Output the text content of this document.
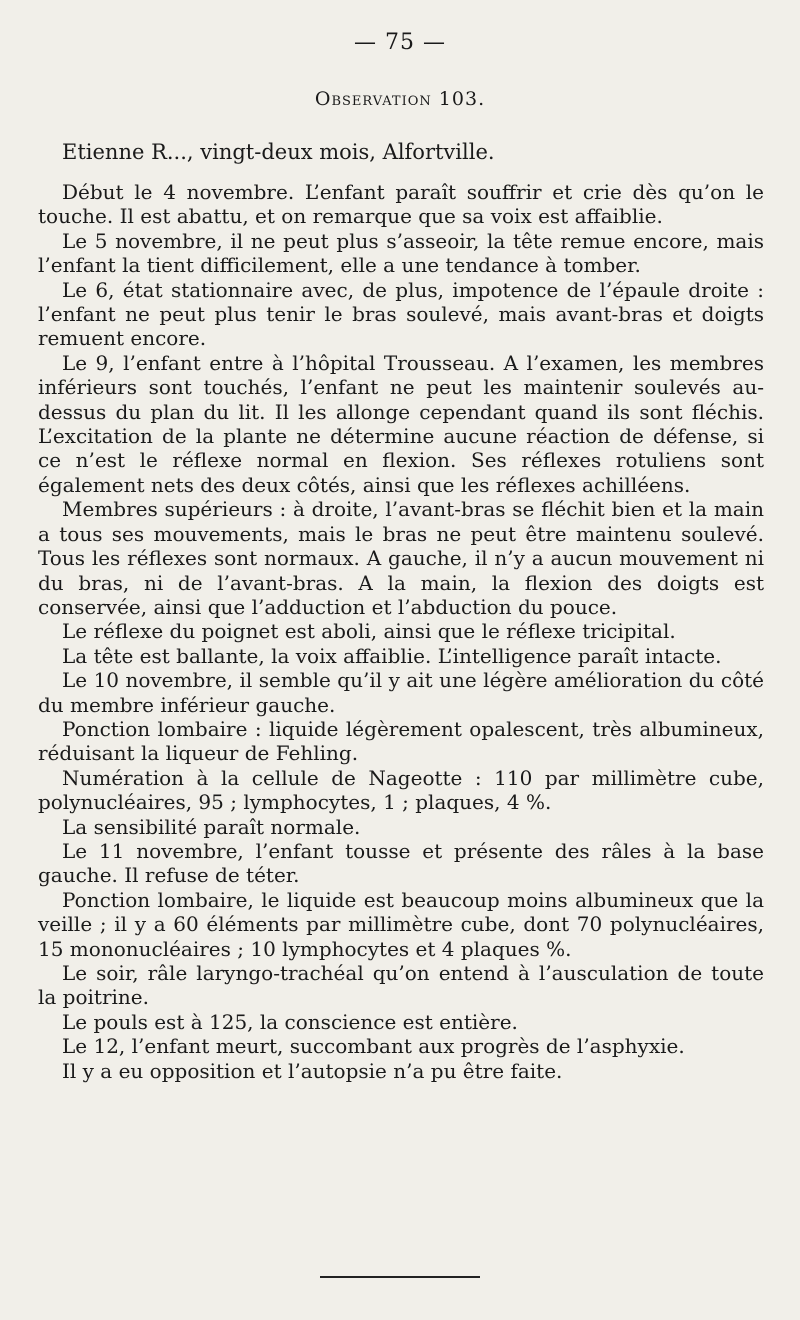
— 75 —
Observation 103.
Etienne R..., vingt-deux mois, Alfortville.

Début le 4 novembre. L’enfant paraît souffrir et crie dès qu’on le touche. Il est abattu, et on remarque que sa voix est affaiblie.

Le 5 novembre, il ne peut plus s’asseoir, la tête remue encore, mais l’enfant la tient difficilement, elle a une tendance à tomber.

Le 6, état stationnaire avec, de plus, impotence de l’épaule droite : l’enfant ne peut plus tenir le bras soulevé, mais avant-bras et doigts remuent encore.

Le 9, l’enfant entre à l’hôpital Trousseau. A l’examen, les membres inférieurs sont touchés, l’enfant ne peut les maintenir soulevés au-dessus du plan du lit. Il les allonge cependant quand ils sont fléchis. L’excitation de la plante ne détermine aucune réaction de défense, si ce n’est le réflexe normal en flexion. Ses réflexes rotuliens sont également nets des deux côtés, ainsi que les réflexes achilléens.

Membres supérieurs : à droite, l’avant-bras se fléchit bien et la main a tous ses mouvements, mais le bras ne peut être maintenu soulevé. Tous les réflexes sont normaux. A gauche, il n’y a aucun mouvement ni du bras, ni de l’avant-bras. A la main, la flexion des doigts est conservée, ainsi que l’adduction et l’abduction du pouce.

Le réflexe du poignet est aboli, ainsi que le réflexe tricipital.

La tête est ballante, la voix affaiblie. L’intelligence paraît intacte.

Le 10 novembre, il semble qu’il y ait une légère amélioration du côté du membre inférieur gauche.

Ponction lombaire : liquide légèrement opalescent, très albumineux, réduisant la liqueur de Fehling.

Numération à la cellule de Nageotte : 110 par millimètre cube, polynucléaires, 95 ; lymphocytes, 1 ; plaques, 4 %.

La sensibilité paraît normale.

Le 11 novembre, l’enfant tousse et présente des râles à la base gauche. Il refuse de téter.

Ponction lombaire, le liquide est beaucoup moins albumineux que la veille ; il y a 60 éléments par millimètre cube, dont 70 polynucléaires, 15 mononucléaires ; 10 lymphocytes et 4 plaques %.

Le soir, râle laryngo-trachéal qu’on entend à l’ausculation de toute la poitrine.

Le pouls est à 125, la conscience est entière.

Le 12, l’enfant meurt, succombant aux progrès de l’asphyxie.

Il y a eu opposition et l’autopsie n’a pu être faite.
